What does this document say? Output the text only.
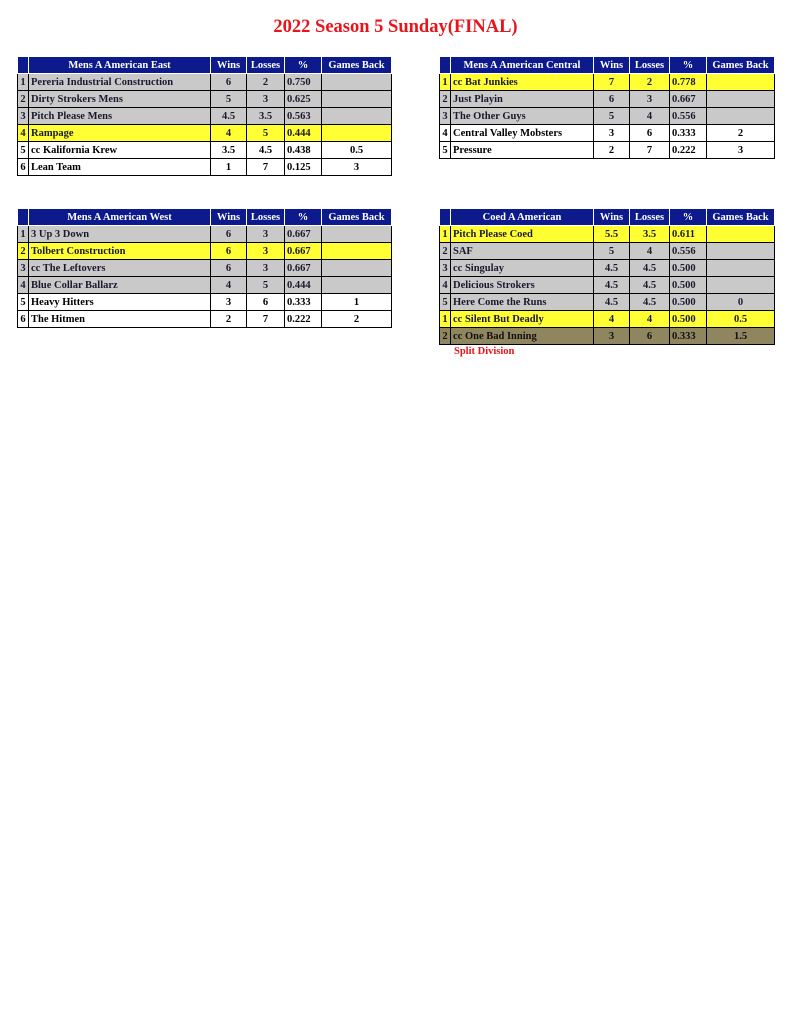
2022 Season 5 Sunday(FINAL)
	Mens A American East	Wins	Losses	%	Games Back
1	Pereria Industrial Construction	6	2	0.750	
2	Dirty Strokers Mens	5	3	0.625	
3	Pitch Please Mens	4.5	3.5	0.563	
4	Rampage	4	5	0.444	
5	cc Kalifornia Krew	3.5	4.5	0.438	0.5
6	Lean Team	1	7	0.125	3
	Mens A American Central	Wins	Losses	%	Games Back
1	cc Bat Junkies	7	2	0.778	
2	Just Playin	6	3	0.667	
3	The Other Guys	5	4	0.556	
4	Central Valley Mobsters	3	6	0.333	2
5	Pressure	2	7	0.222	3
	Mens A American West	Wins	Losses	%	Games Back
1	3 Up 3 Down	6	3	0.667	
2	Tolbert Construction	6	3	0.667	
3	cc The Leftovers	6	3	0.667	
4	Blue Collar Ballarz	4	5	0.444	
5	Heavy Hitters	3	6	0.333	1
6	The Hitmen	2	7	0.222	2
	Coed A American	Wins	Losses	%	Games Back
1	Pitch Please Coed	5.5	3.5	0.611	
2	SAF	5	4	0.556	
3	cc Singulay	4.5	4.5	0.500	
4	Delicious Strokers	4.5	4.5	0.500	
5	Here Come the Runs	4.5	4.5	0.500	0
1	cc Silent But Deadly	4	4	0.500	0.5
2	cc One Bad Inning	3	6	0.333	1.5
Split Division
